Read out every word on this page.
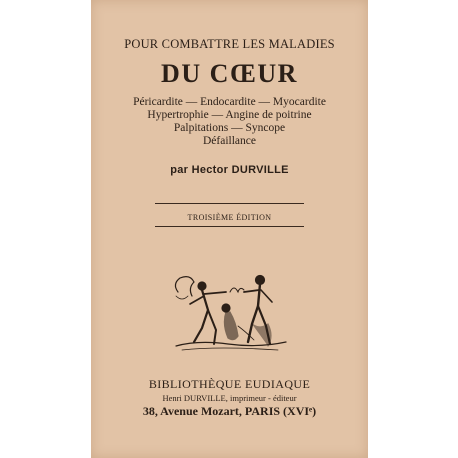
POUR COMBATTRE LES MALADIES

DU CŒUR

Péricardite — Endocardite — Myocardite

Hypertrophie — Angine de poitrine

Palpitations — Syncope

Défaillance

par Hector DURVILLE

TROISIÈME ÉDITION

BIBLIOTHÈQUE EUDIAQUE

Henri DURVILLE, imprimeur - éditeur

38, Avenue Mozart, PARIS (XVIᵉ)
